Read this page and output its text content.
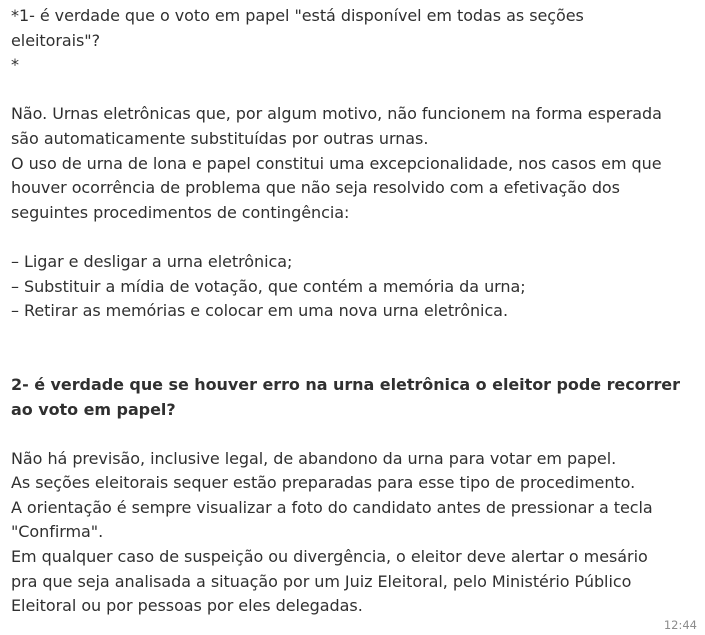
*1- é verdade que o voto em papel "está disponível em todas as seções
eleitorais"?
*
Não. Urnas eletrônicas que, por algum motivo, não funcionem na forma esperada
são automaticamente substituídas por outras urnas.
O uso de urna de lona e papel constitui uma excepcionalidade, nos casos em que
houver ocorrência de problema que não seja resolvido com a efetivação dos
seguintes procedimentos de contingência:
– Ligar e desligar a urna eletrônica;
– Substituir a mídia de votação, que contém a memória da urna;
– Retirar as memórias e colocar em uma nova urna eletrônica.
2- é verdade que se houver erro na urna eletrônica o eleitor pode recorrer
ao voto em papel?
Não há previsão, inclusive legal, de abandono da urna para votar em papel.
As seções eleitorais sequer estão preparadas para esse tipo de procedimento.
A orientação é sempre visualizar a foto do candidato antes de pressionar a tecla
"Confirma".
Em qualquer caso de suspeição ou divergência, o eleitor deve alertar o mesário
pra que seja analisada a situação por um Juiz Eleitoral, pelo Ministério Público
Eleitoral ou por pessoas por eles delegadas.
12:44
